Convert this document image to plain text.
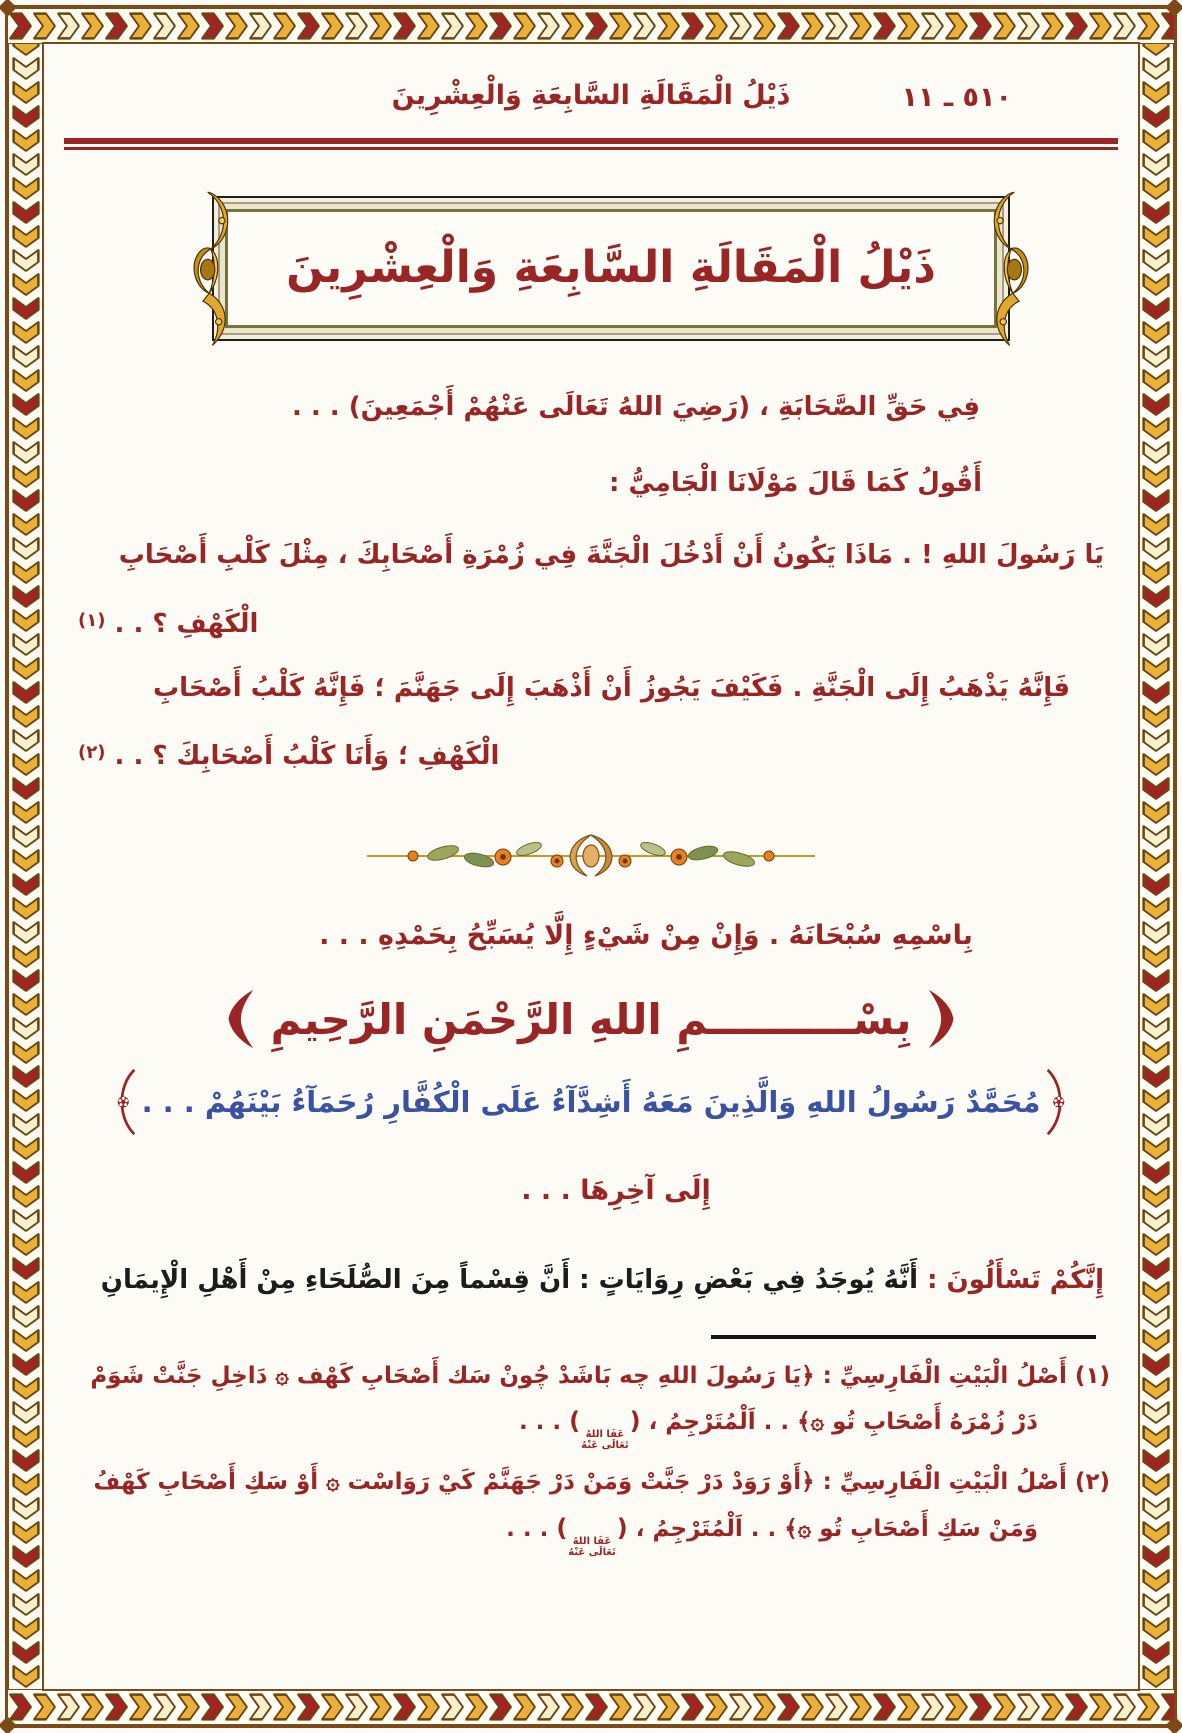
ذَيْلُ الْمَقَالَةِ السَّابِعَةِ وَالْعِشْرِينَ	٥١٠ ـ ١١
ذَيْلُ الْمَقَالَةِ السَّابِعَةِ وَالْعِشْرِينَ
فِي حَقِّ الصَّحَابَةِ ، (رَضِيَ اللهُ تَعَالَى عَنْهُمْ أَجْمَعِينَ) . . .
أَقُولُ كَمَا قَالَ مَوْلَانَا الْجَامِيُّ :
يَا رَسُولَ اللهِ ! . مَاذَا يَكُونُ أَنْ أَدْخُلَ الْجَنَّةَ فِي زُمْرَةِ أَصْحَابِكَ ، مِثْلَ كَلْبِ أَصْحَابِ
الْكَهْفِ ؟ . . $^{(١)}$
فَإِنَّهُ يَذْهَبُ إِلَى الْجَنَّةِ . فَكَيْفَ يَجُوزُ أَنْ أَذْهَبَ إِلَى جَهَنَّمَ ؛ فَإِنَّهُ كَلْبُ أَصْحَابِ
الْكَهْفِ ؛ وَأَنَا كَلْبُ أَصْحَابِكَ ؟ . . $^{(٢)}$
بِاسْمِهِ سُبْحَانَهُ . وَإِنْ مِنْ شَيْءٍ إِلَّا يُسَبِّحُ بِحَمْدِهِ . . .
بِسْــــــــــمِ اللهِ الرَّحْمَنِ الرَّحِيمِ
مُحَمَّدٌ رَسُولُ اللهِ وَالَّذِينَ مَعَهُ أَشِدَّآءُ عَلَى الْكُفَّارِ رُحَمَآءُ بَيْنَهُمْ . . .
إِلَى آخِرِهَا . . .
إِنَّكُمْ تَسْأَلُونَ : أَنَّهُ يُوجَدُ فِي بَعْضِ رِوَايَاتٍ : أَنَّ قِسْماً مِنَ الصُّلَحَاءِ مِنْ أَهْلِ الْإِيمَانِ
(١) أَصْلُ الْبَيْتِ الْفَارِسِيِّ : ﴿يَا رَسُولَ اللهِ چه بَاشَدْ چُونْ سَك أَصْحَابِ كَهْف ۞ دَاخِلِ جَنَّتْ شَوَمْ
دَرْ زُمْرَهُ أَصْحَابِ تُو ۞﴾ . . اَلْمُتَرْجِمُ ، (
عَفَا اللهُ
تَعَالَى عَنْهُ
) . . .
(٢) أَصْلُ الْبَيْتِ الْفَارِسِيِّ : ﴿أَوْ رَوَدْ دَرْ جَنَّتْ وَمَنْ دَرْ جَهَنَّمْ كَيْ رَوَاسْت ۞ أَوْ سَكِ أَصْحَابِ كَهْفُ
وَمَنْ سَكِ أَصْحَابِ تُو ۞﴾ . . اَلْمُتَرْجِمُ ، (
عَفَا اللهُ
تَعَالَى عَنْهُ
) . . .
